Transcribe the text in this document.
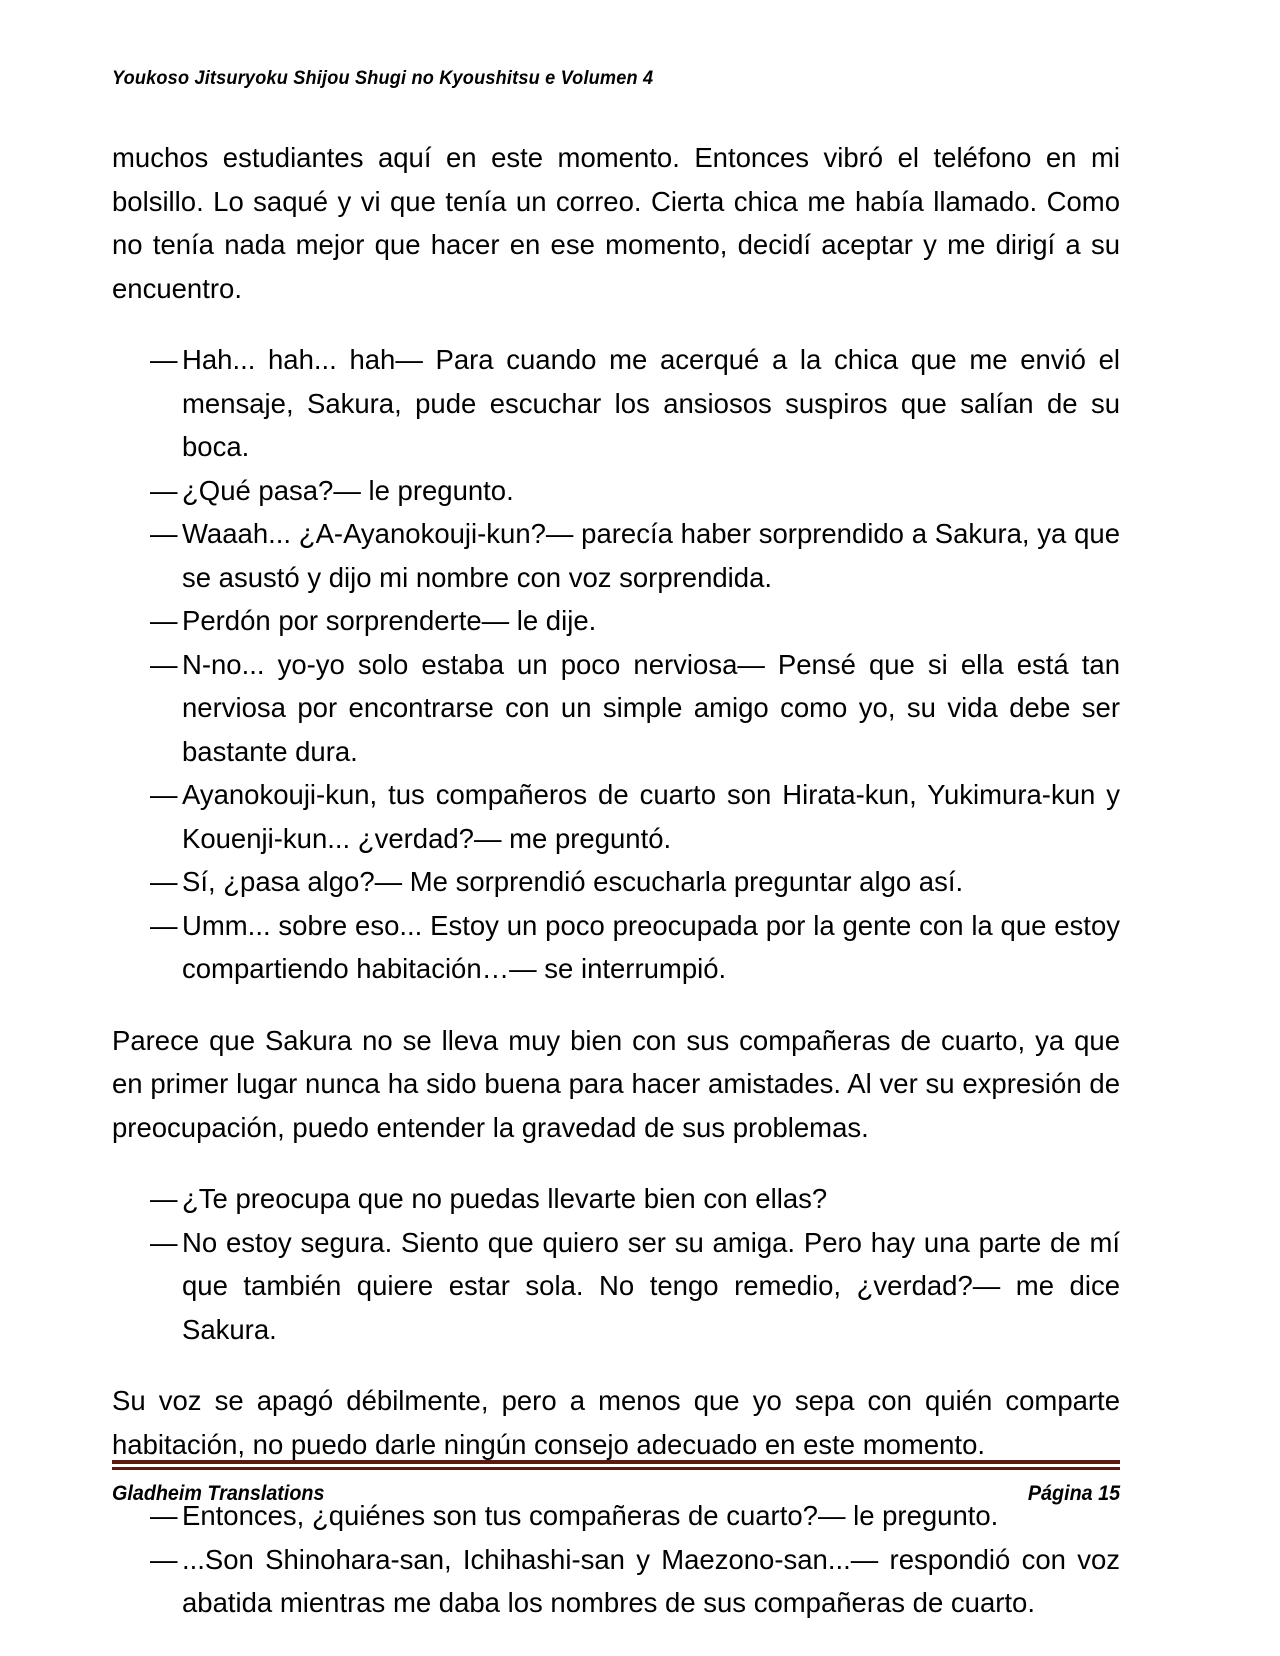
Youkoso Jitsuryoku Shijou Shugi no Kyoushitsu e Volumen 4

muchos estudiantes aquí en este momento. Entonces vibró el teléfono en mi bolsillo. Lo saqué y vi que tenía un correo. Cierta chica me había llamado. Como no tenía nada mejor que hacer en ese momento, decidí aceptar y me dirigí a su encuentro.

— Hah... hah... hah— Para cuando me acerqué a la chica que me envió el mensaje, Sakura, pude escuchar los ansiosos suspiros que salían de su boca.
— ¿Qué pasa?— le pregunto.
— Waaah... ¿A-Ayanokouji-kun?— parecía haber sorprendido a Sakura, ya que se asustó y dijo mi nombre con voz sorprendida.
— Perdón por sorprenderte— le dije.
— N-no... yo-yo solo estaba un poco nerviosa— Pensé que si ella está tan nerviosa por encontrarse con un simple amigo como yo, su vida debe ser bastante dura.
— Ayanokouji-kun, tus compañeros de cuarto son Hirata-kun, Yukimura-kun y Kouenji-kun... ¿verdad?— me preguntó.
— Sí, ¿pasa algo?— Me sorprendió escucharla preguntar algo así.
— Umm... sobre eso... Estoy un poco preocupada por la gente con la que estoy compartiendo habitación…— se interrumpió.

Parece que Sakura no se lleva muy bien con sus compañeras de cuarto, ya que en primer lugar nunca ha sido buena para hacer amistades. Al ver su expresión de preocupación, puedo entender la gravedad de sus problemas.

— ¿Te preocupa que no puedas llevarte bien con ellas?
— No estoy segura. Siento que quiero ser su amiga. Pero hay una parte de mí que también quiere estar sola. No tengo remedio, ¿verdad?— me dice Sakura.

Su voz se apagó débilmente, pero a menos que yo sepa con quién comparte habitación, no puedo darle ningún consejo adecuado en este momento.

— Entonces, ¿quiénes son tus compañeras de cuarto?— le pregunto.
— ...Son Shinohara-san, Ichihashi-san y Maezono-san...— respondió con voz abatida mientras me daba los nombres de sus compañeras de cuarto.
Gladheim Translations	Página 15
